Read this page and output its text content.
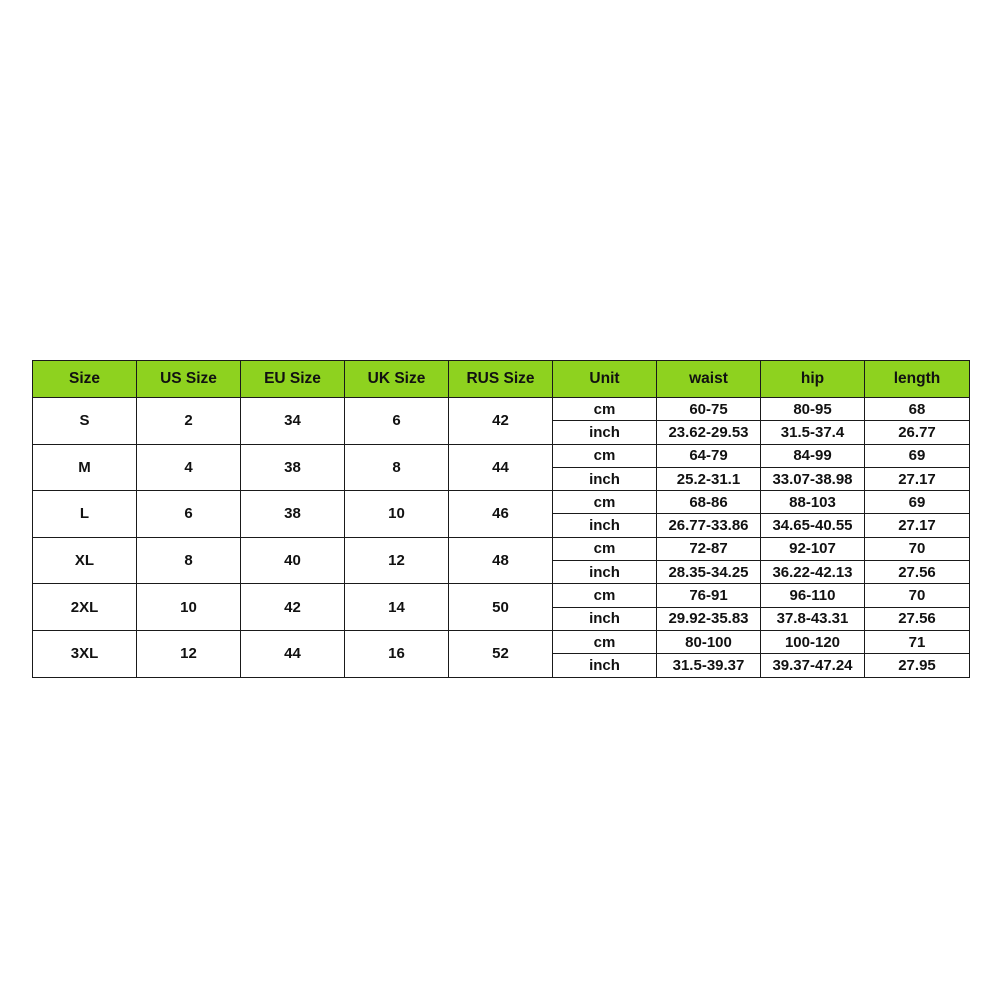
Size	US Size	EU Size	UK Size	RUS Size	Unit	waist	hip	length
S	2	34	6	42	cm	60-75	80-95	68
					inch	23.62-29.53	31.5-37.4	26.77
M	4	38	8	44	cm	64-79	84-99	69
					inch	25.2-31.1	33.07-38.98	27.17
L	6	38	10	46	cm	68-86	88-103	69
					inch	26.77-33.86	34.65-40.55	27.17
XL	8	40	12	48	cm	72-87	92-107	70
					inch	28.35-34.25	36.22-42.13	27.56
2XL	10	42	14	50	cm	76-91	96-110	70
					inch	29.92-35.83	37.8-43.31	27.56
3XL	12	44	16	52	cm	80-100	100-120	71
					inch	31.5-39.37	39.37-47.24	27.95
